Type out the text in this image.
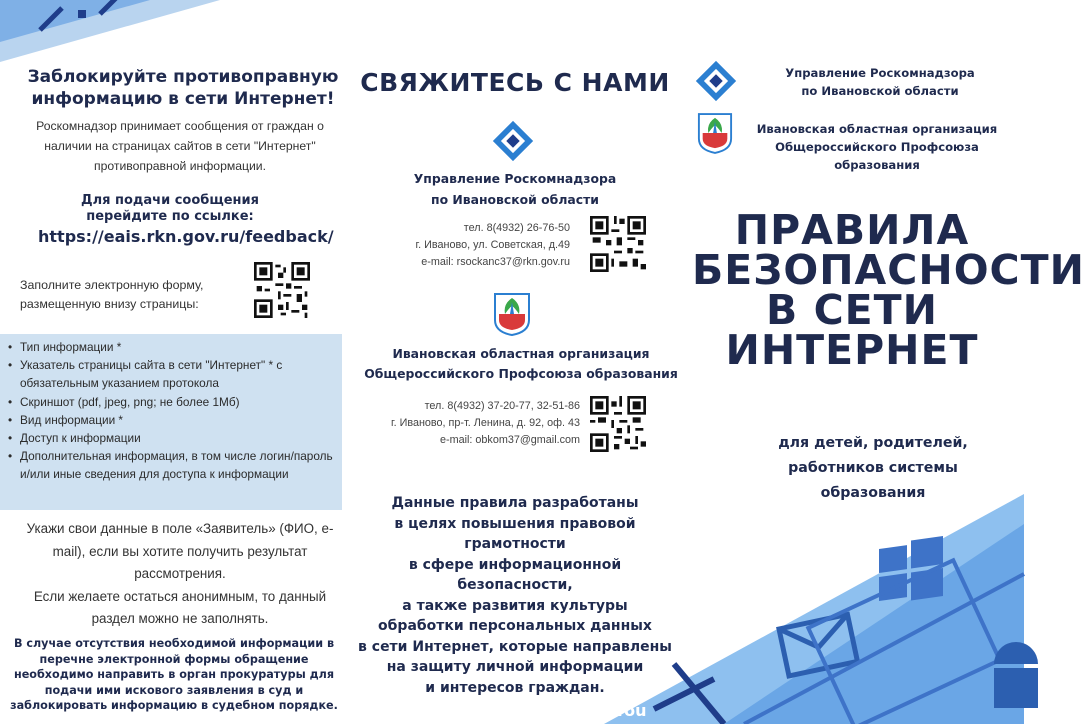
You
Заблокируйте противоправную
информацию в сети Интернет!
Роскомнадзор принимает сообщения от граждан о наличии на страницах сайтов в сети "Интернет" противоправной информации.
Для подачи сообщения
перейдите по ссылке:
https://eais.rkn.gov.ru/feedback/
Заполните электронную форму,
размещенную внизу страницы:
• Тип информации *
• Указатель страницы сайта в сети "Интернет" * с обязательным указанием протокола
• Скриншот (pdf, jpeg, png; не более 1Мб)
• Вид информации *
• Доступ к информации
• Дополнительная информация, в том числе логин/пароль и/или иные сведения для доступа к информации
Укажи свои данные в поле «Заявитель» (ФИО, e-mail), если вы хотите получить результат рассмотрения.
Если желаете остаться анонимным, то данный раздел можно не заполнять.
В случае отсутствия необходимой информации в перечне электронной формы обращение необходимо направить в орган прокуратуры для подачи ими искового заявления в суд и заблокировать информацию в судебном порядке.
СВЯЖИТЕСЬ С НАМИ
Управление Роскомнадзора
по Ивановской области
тел. 8(4932) 26-76-50
г. Иваново, ул. Советская, д.49
e-mail: rsockanc37@rkn.gov.ru
Ивановская областная организация
Общероссийского Профсоюза образования
тел. 8(4932) 37-20-77, 32-51-86
г. Иваново, пр-т. Ленина, д. 92, оф. 43
e-mail: obkom37@gmail.com
Данные правила разработаны
в целях повышения правовой грамотности
в сфере информационной безопасности,
а также развития культуры
обработки персональных данных
в сети Интернет, которые направлены
на защиту личной информации
и интересов граждан.
Управление Роскомнадзора
по Ивановской области
Ивановская областная организация
Общероссийского Профсоюза образования
ПРАВИЛА
БЕЗОПАСНОСТИ
В СЕТИ
ИНТЕРНЕТ
для детей, родителей,
работников системы
образования
